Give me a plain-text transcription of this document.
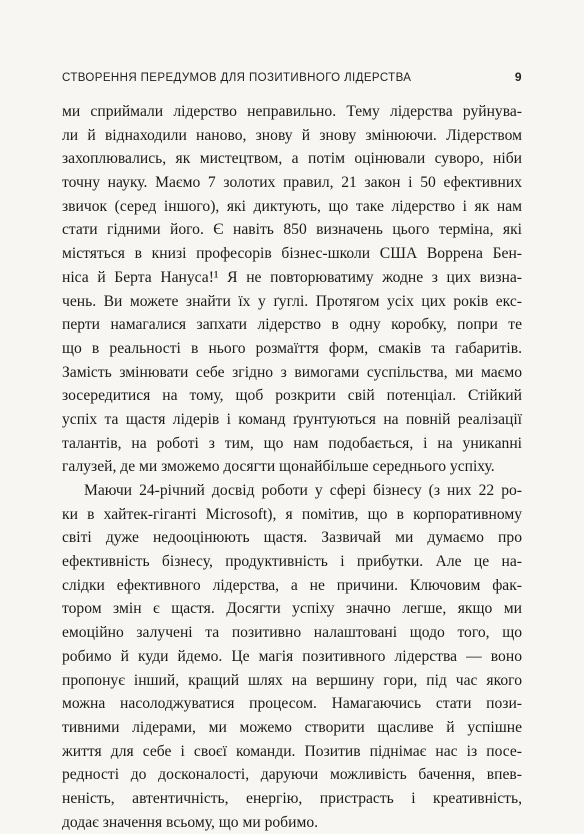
СТВОРЕННЯ ПЕРЕДУМОВ ДЛЯ ПОЗИТИВНОГО ЛІДЕРСТВА	9
ми сприймали лідерство неправильно. Тему лідерства руйнува-
ли й віднаходили наново, знову й знову змінюючи. Лідерством
захоплювались, як мистецтвом, а потім оцінювали суворо, ніби
точну науку. Маємо 7 золотих правил, 21 закон і 50 ефективних
звичок (серед іншого), які диктують, що таке лідерство і як нам
стати гідними його. Є навіть 850 визначень цього терміна, які
містяться в книзі професорів бізнес-школи США Воррена Бен-
ніса й Берта Нануса!¹ Я не повторюватиму жодне з цих визна-
чень. Ви можете знайти їх у ґуглі. Протягом усіх цих років екс-
перти намагалися запхати лідерство в одну коробку, попри те
що в реальності в нього розмаїття форм, смаків та габаритів.
Замість змінювати себе згідно з вимогами суспільства, ми маємо
зосередитися на тому, щоб розкрити свій потенціал. Стійкий
успіх та щастя лідерів і команд ґрунтуються на повній реалізації
талантів, на роботі з тим, що нам подобається, і на уникanні
галузей, де ми зможемо досягти щонайбільше середнього успіху.
Маючи 24-річний досвід роботи у сфері бізнесу (з них 22 ро-
ки в хайтек-гіганті Microsoft), я помітив, що в корпоративному
світі дуже недооцінюють щастя. Зазвичай ми думаємо про
ефективність бізнесу, продуктивність і прибутки. Але це на-
слідки ефективного лідерства, а не причини. Ключовим фак-
тором змін є щастя. Досягти успіху значно легше, якщо ми
емоційно залучені та позитивно налаштовані щодо того, що
робимо й куди йдемо. Це магія позитивного лідерства — воно
пропонує інший, кращий шлях на вершину гори, під час якого
можна насолоджуватися процесом. Намагаючись стати пози-
тивними лідерами, ми можемо створити щасливе й успішне
життя для себе і своєї команди. Позитив піднімає нас із посе-
редності до досконалості, даруючи можливість бачення, впев-
неність, автентичність, енергію, пристрасть і креативність,
додає значення всьому, що ми робимо.
